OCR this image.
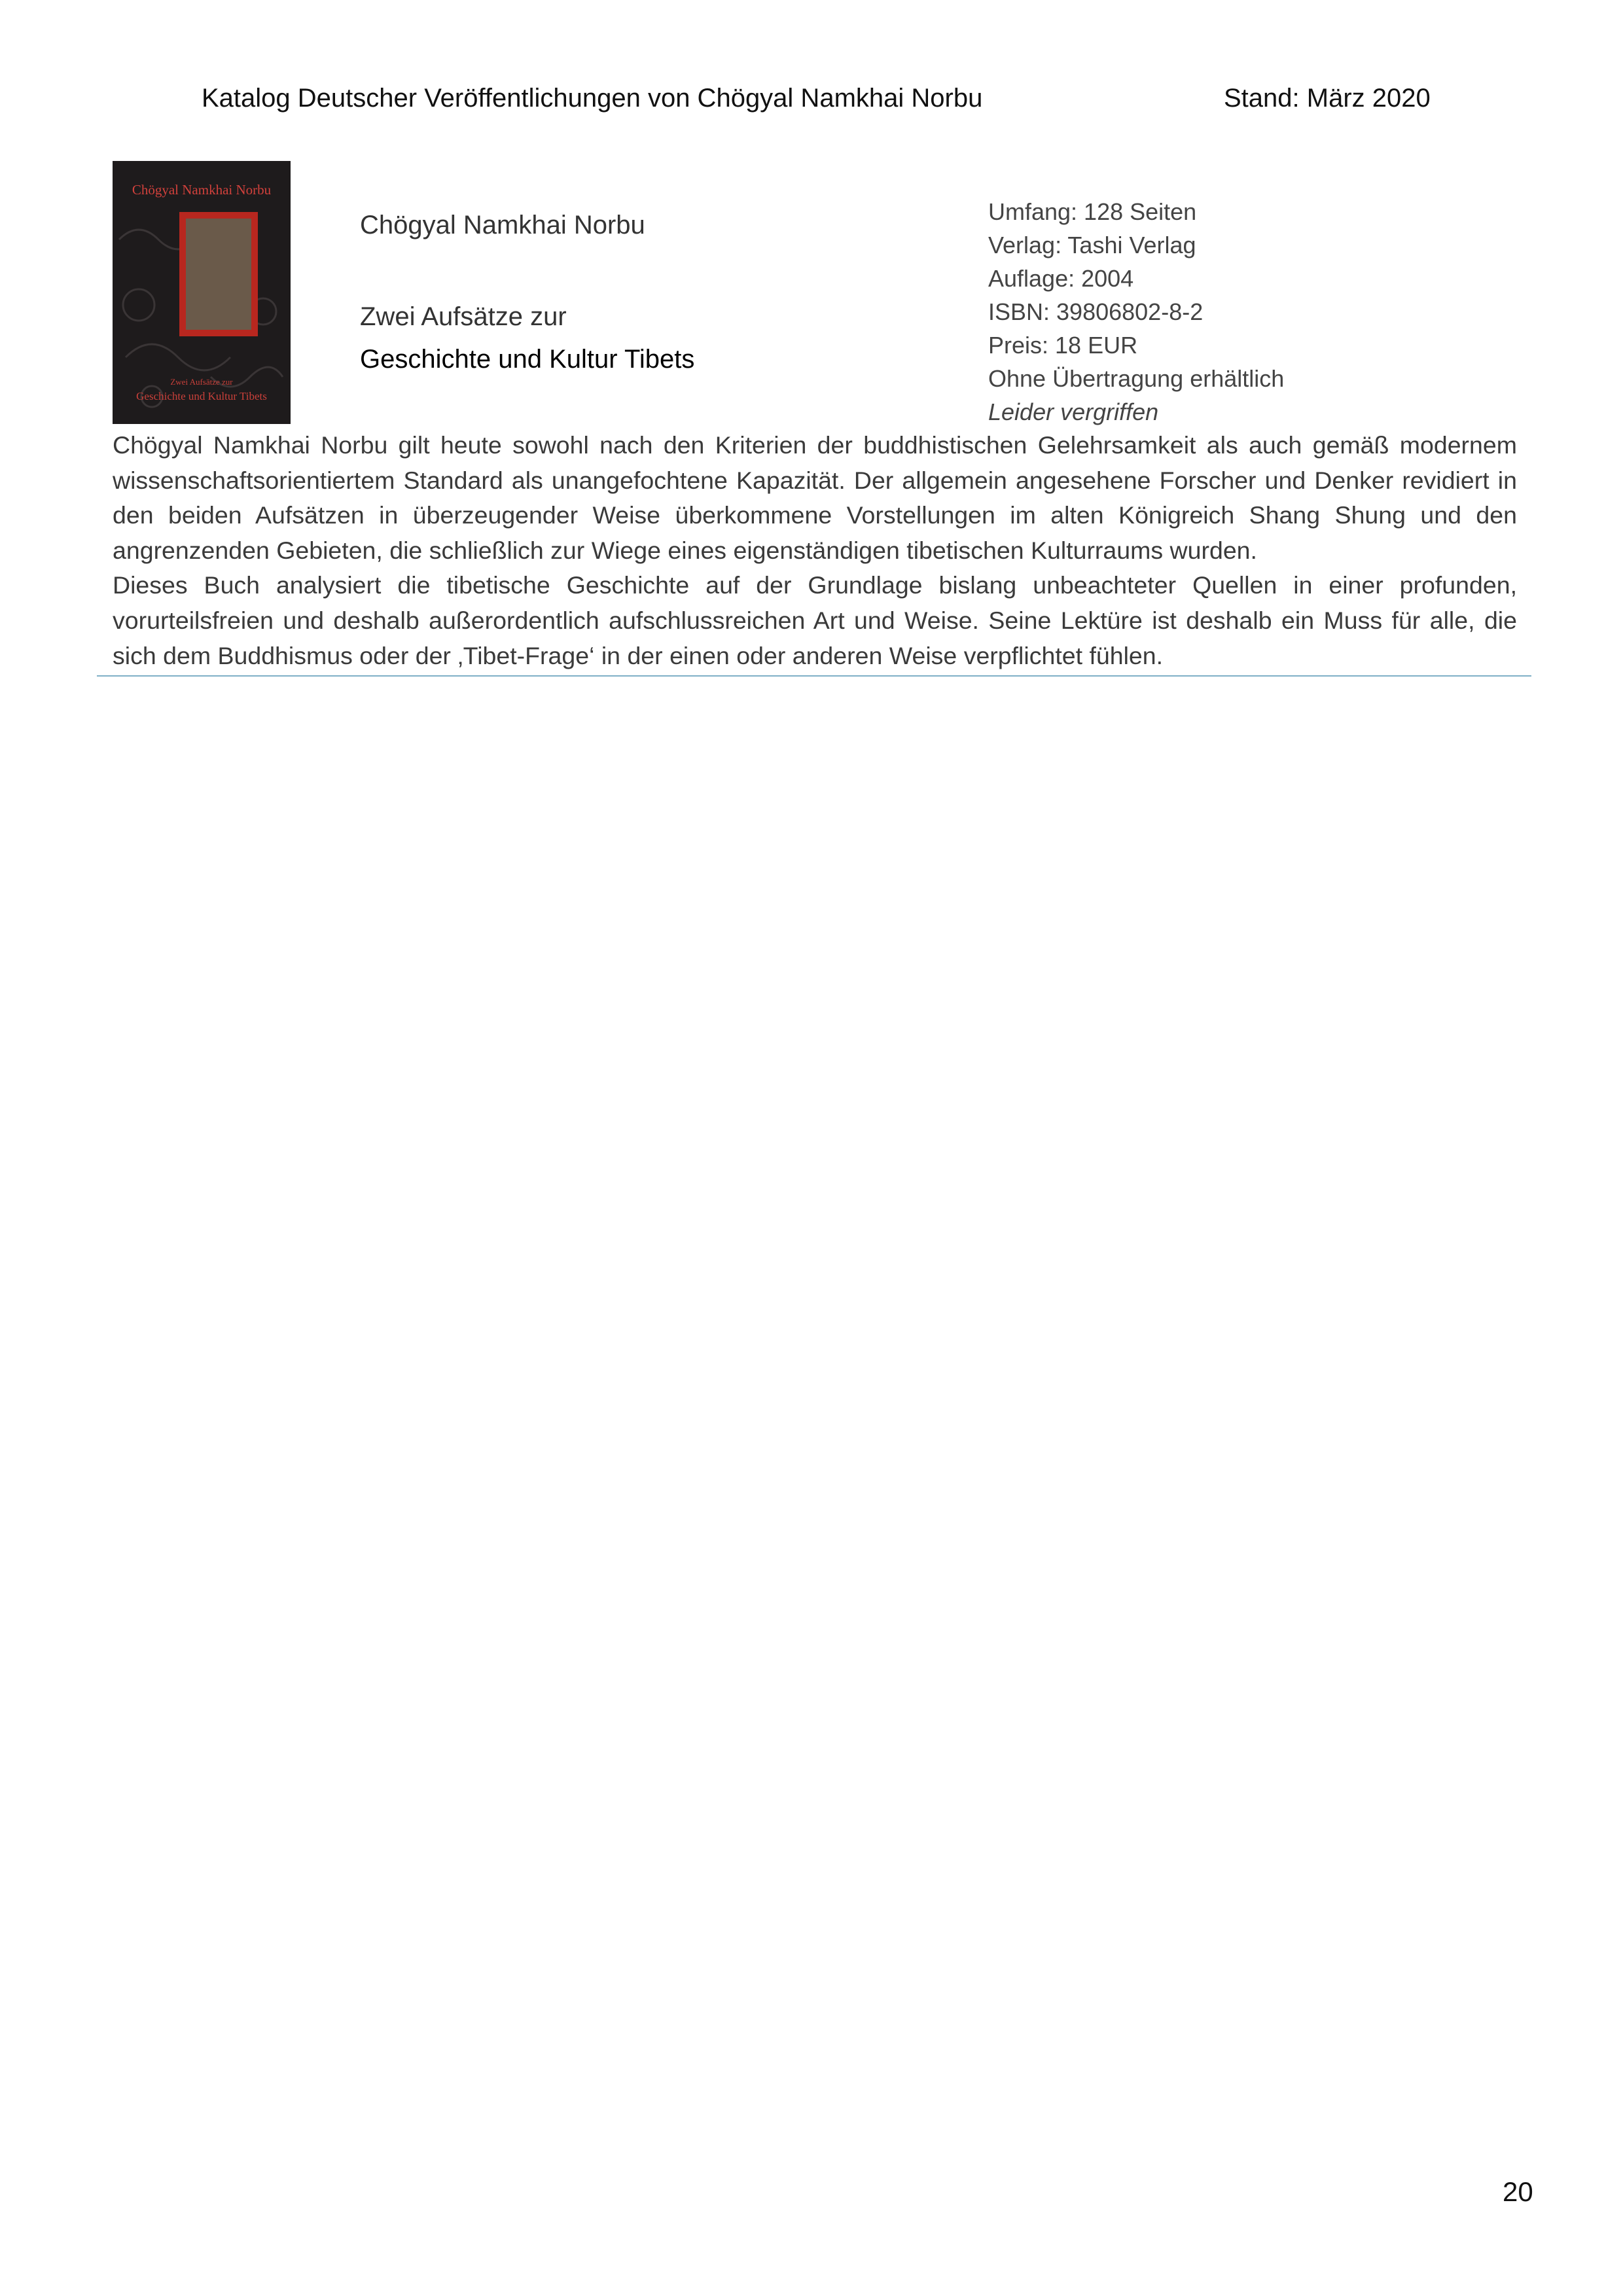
Katalog Deutscher Veröffentlichungen von Chögyal Namkhai Norbu	Stand: März 2020
Chögyal Namkhai Norbu
Zwei Aufsätze zur
Geschichte und Kultur Tibets
Chögyal Namkhai Norbu
Zwei Aufsätze zur
Geschichte und Kultur Tibets
Umfang: 128 Seiten
Verlag: Tashi Verlag
Auflage: 2004
ISBN: 39806802-8-2
Preis: 18 EUR
Ohne Übertragung erhältlich
Leider vergriffen

Chögyal Namkhai Norbu gilt heute sowohl nach den Kriterien der buddhistischen Gelehrsamkeit als auch gemäß modernem wissenschaftsorientiertem Standard als unangefochtene Kapazität. Der allgemein angesehene Forscher und Denker revidiert in den beiden Aufsätzen in überzeugender Weise überkommene Vorstellungen im alten Königreich Shang Shung und den angrenzenden Gebieten, die schließlich zur Wiege eines eigenständigen tibetischen Kulturraums wurden.

Dieses Buch analysiert die tibetische Geschichte auf der Grundlage bislang unbeachteter Quellen in einer profunden, vorurteilsfreien und deshalb außerordentlich aufschlussreichen Art und Weise. Seine Lektüre ist deshalb ein Muss für alle, die sich dem Buddhismus oder der ‚Tibet-Frage‘ in der einen oder anderen Weise verpflichtet fühlen.

20
